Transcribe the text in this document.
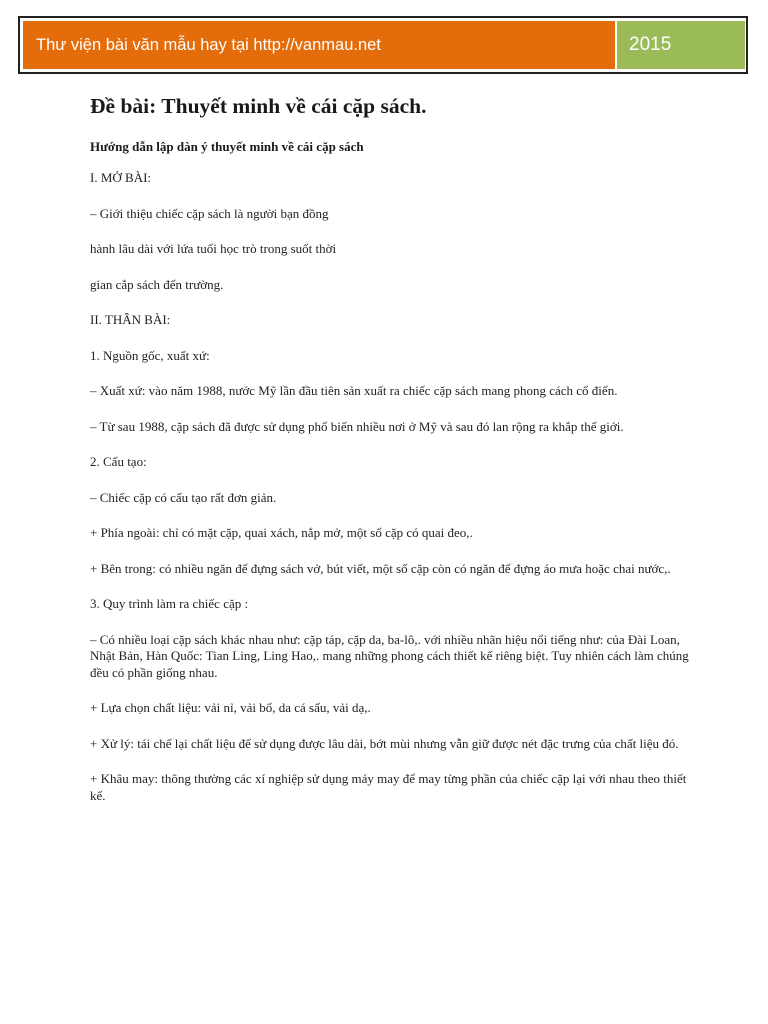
Thư viện bài văn mẫu hay tại http://vanmau.net	2015
Đề bài: Thuyết minh về cái cặp sách.
Hướng dẫn lập dàn ý thuyết minh về cái cặp sách

I. MỞ BÀI:

– Giới thiệu chiếc cặp sách là người bạn đồng

hành lâu dài với lứa tuổi học trò trong suốt thời

gian cắp sách đến trường.

II. THÂN BÀI:

1. Nguồn gốc, xuất xứ:

– Xuất xứ: vào năm 1988, nước Mỹ lần đầu tiên sản xuất ra chiếc cặp sách mang phong cách cổ điển.

– Từ sau 1988, cặp sách đã được sử dụng phổ biến nhiều nơi ở Mỹ và sau đó lan rộng ra khắp thế giới.

2. Cấu tạo:

– Chiếc cặp có cấu tạo rất đơn giản.

+ Phía ngoài: chỉ có mặt cặp, quai xách, nắp mở, một số cặp có quai đeo,.

+ Bên trong: có nhiều ngăn để đựng sách vở, bút viết, một số cặp còn có ngăn để đựng áo mưa hoặc chai nước,.

3. Quy trình làm ra chiếc cặp :

– Có nhiều loại cặp sách khác nhau như: cặp táp, cặp da, ba-lô,. với nhiều nhãn hiệu nổi tiếng như: của Đài Loan, Nhật Bản, Hàn Quốc: Tian Ling, Ling Hao,. mang những phong cách thiết kế riêng biệt. Tuy nhiên cách làm chúng đều có phần giống nhau.

+ Lựa chọn chất liệu: vải nỉ, vải bố, da cá sấu, vải dạ,.

+ Xử lý: tái chế lại chất liệu để sử dụng được lâu dài, bớt mùi nhưng vẫn giữ được nét đặc trưng của chất liệu đó.

+ Khâu may: thông thường các xí nghiệp sử dụng máy may để may từng phần của chiếc cặp lại với nhau theo thiết kế.
